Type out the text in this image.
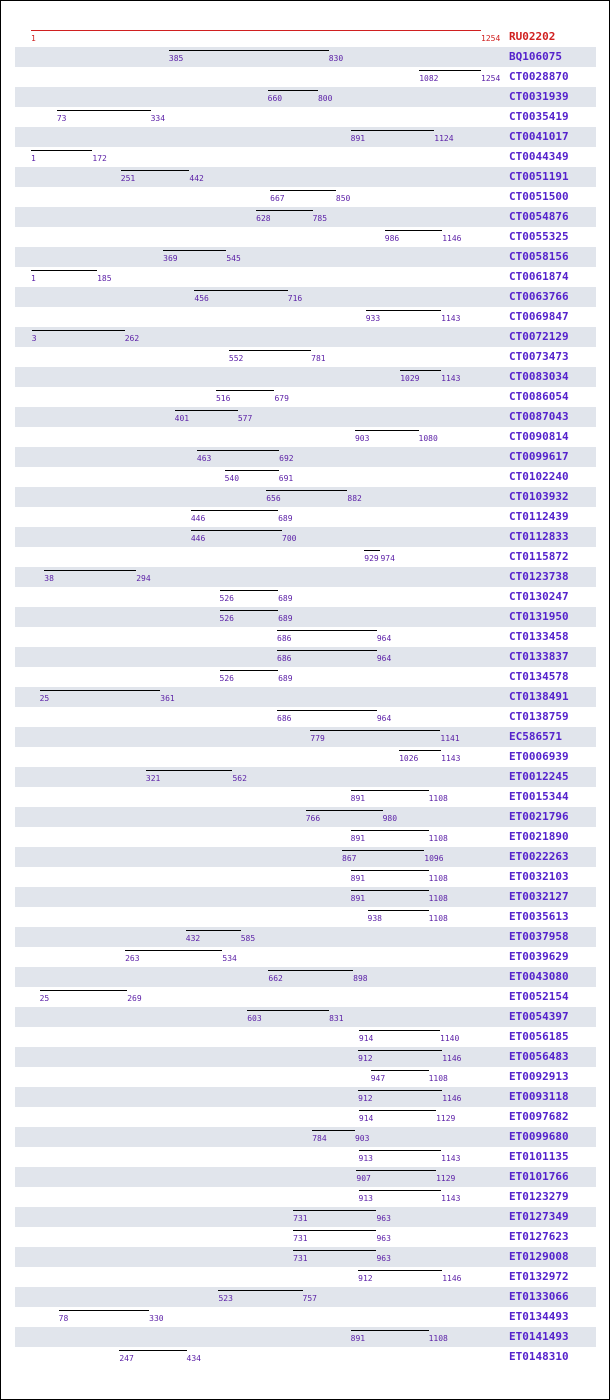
1	1254 RU02202
385	830	BQ106075
1082	1254 CT0028870
660	800	CT0031939
73	334	CT0035419
891	1124	CT0041017
1	172	CT0044349
251	442	CT0051191
667	850	CT0051500
628	785	CT0054876
986	1146	CT0055325
369	545	CT0058156
1	185	CT0061874
456	716	CT0063766
933	1143	CT0069847
3	262	CT0072129
552	781	CT0073473
1029	1143	CT0083034
516	679	CT0086054
401	577	CT0087043
903	1080	CT0090814
463	692	CT0099617
540	691	CT0102240
656	882	CT0103932
446	689	CT0112439
446	700	CT0112833
929 974	CT0115872
38	294	CT0123738
526	689	CT0130247
526	689	CT0131950
686	964	CT0133458
686	964	CT0133837
526	689	CT0134578
25	361	CT0138491
686	964	CT0138759
779	1141	EC586571
1026	1143	ET0006939
321	562	ET0012245
891	1108	ET0015344
766	980	ET0021796
891	1108	ET0021890
867	1096	ET0022263
891	1108	ET0032103
891	1108	ET0032127
938	1108	ET0035613
432	585	ET0037958
263	534	ET0039629
662	898	ET0043080
25	269	ET0052154
603	831	ET0054397
914	1140	ET0056185
912	1146	ET0056483
947	1108	ET0092913
912	1146	ET0093118
914	1129	ET0097682
784	903	ET0099680
913	1143	ET0101135
907	1129	ET0101766
913	1143	ET0123279
731	963	ET0127349
731	963	ET0127623
731	963	ET0129008
912	1146	ET0132972
523	757	ET0133066
78	330	ET0134493
891	1108	ET0141493
247	434	ET0148310
